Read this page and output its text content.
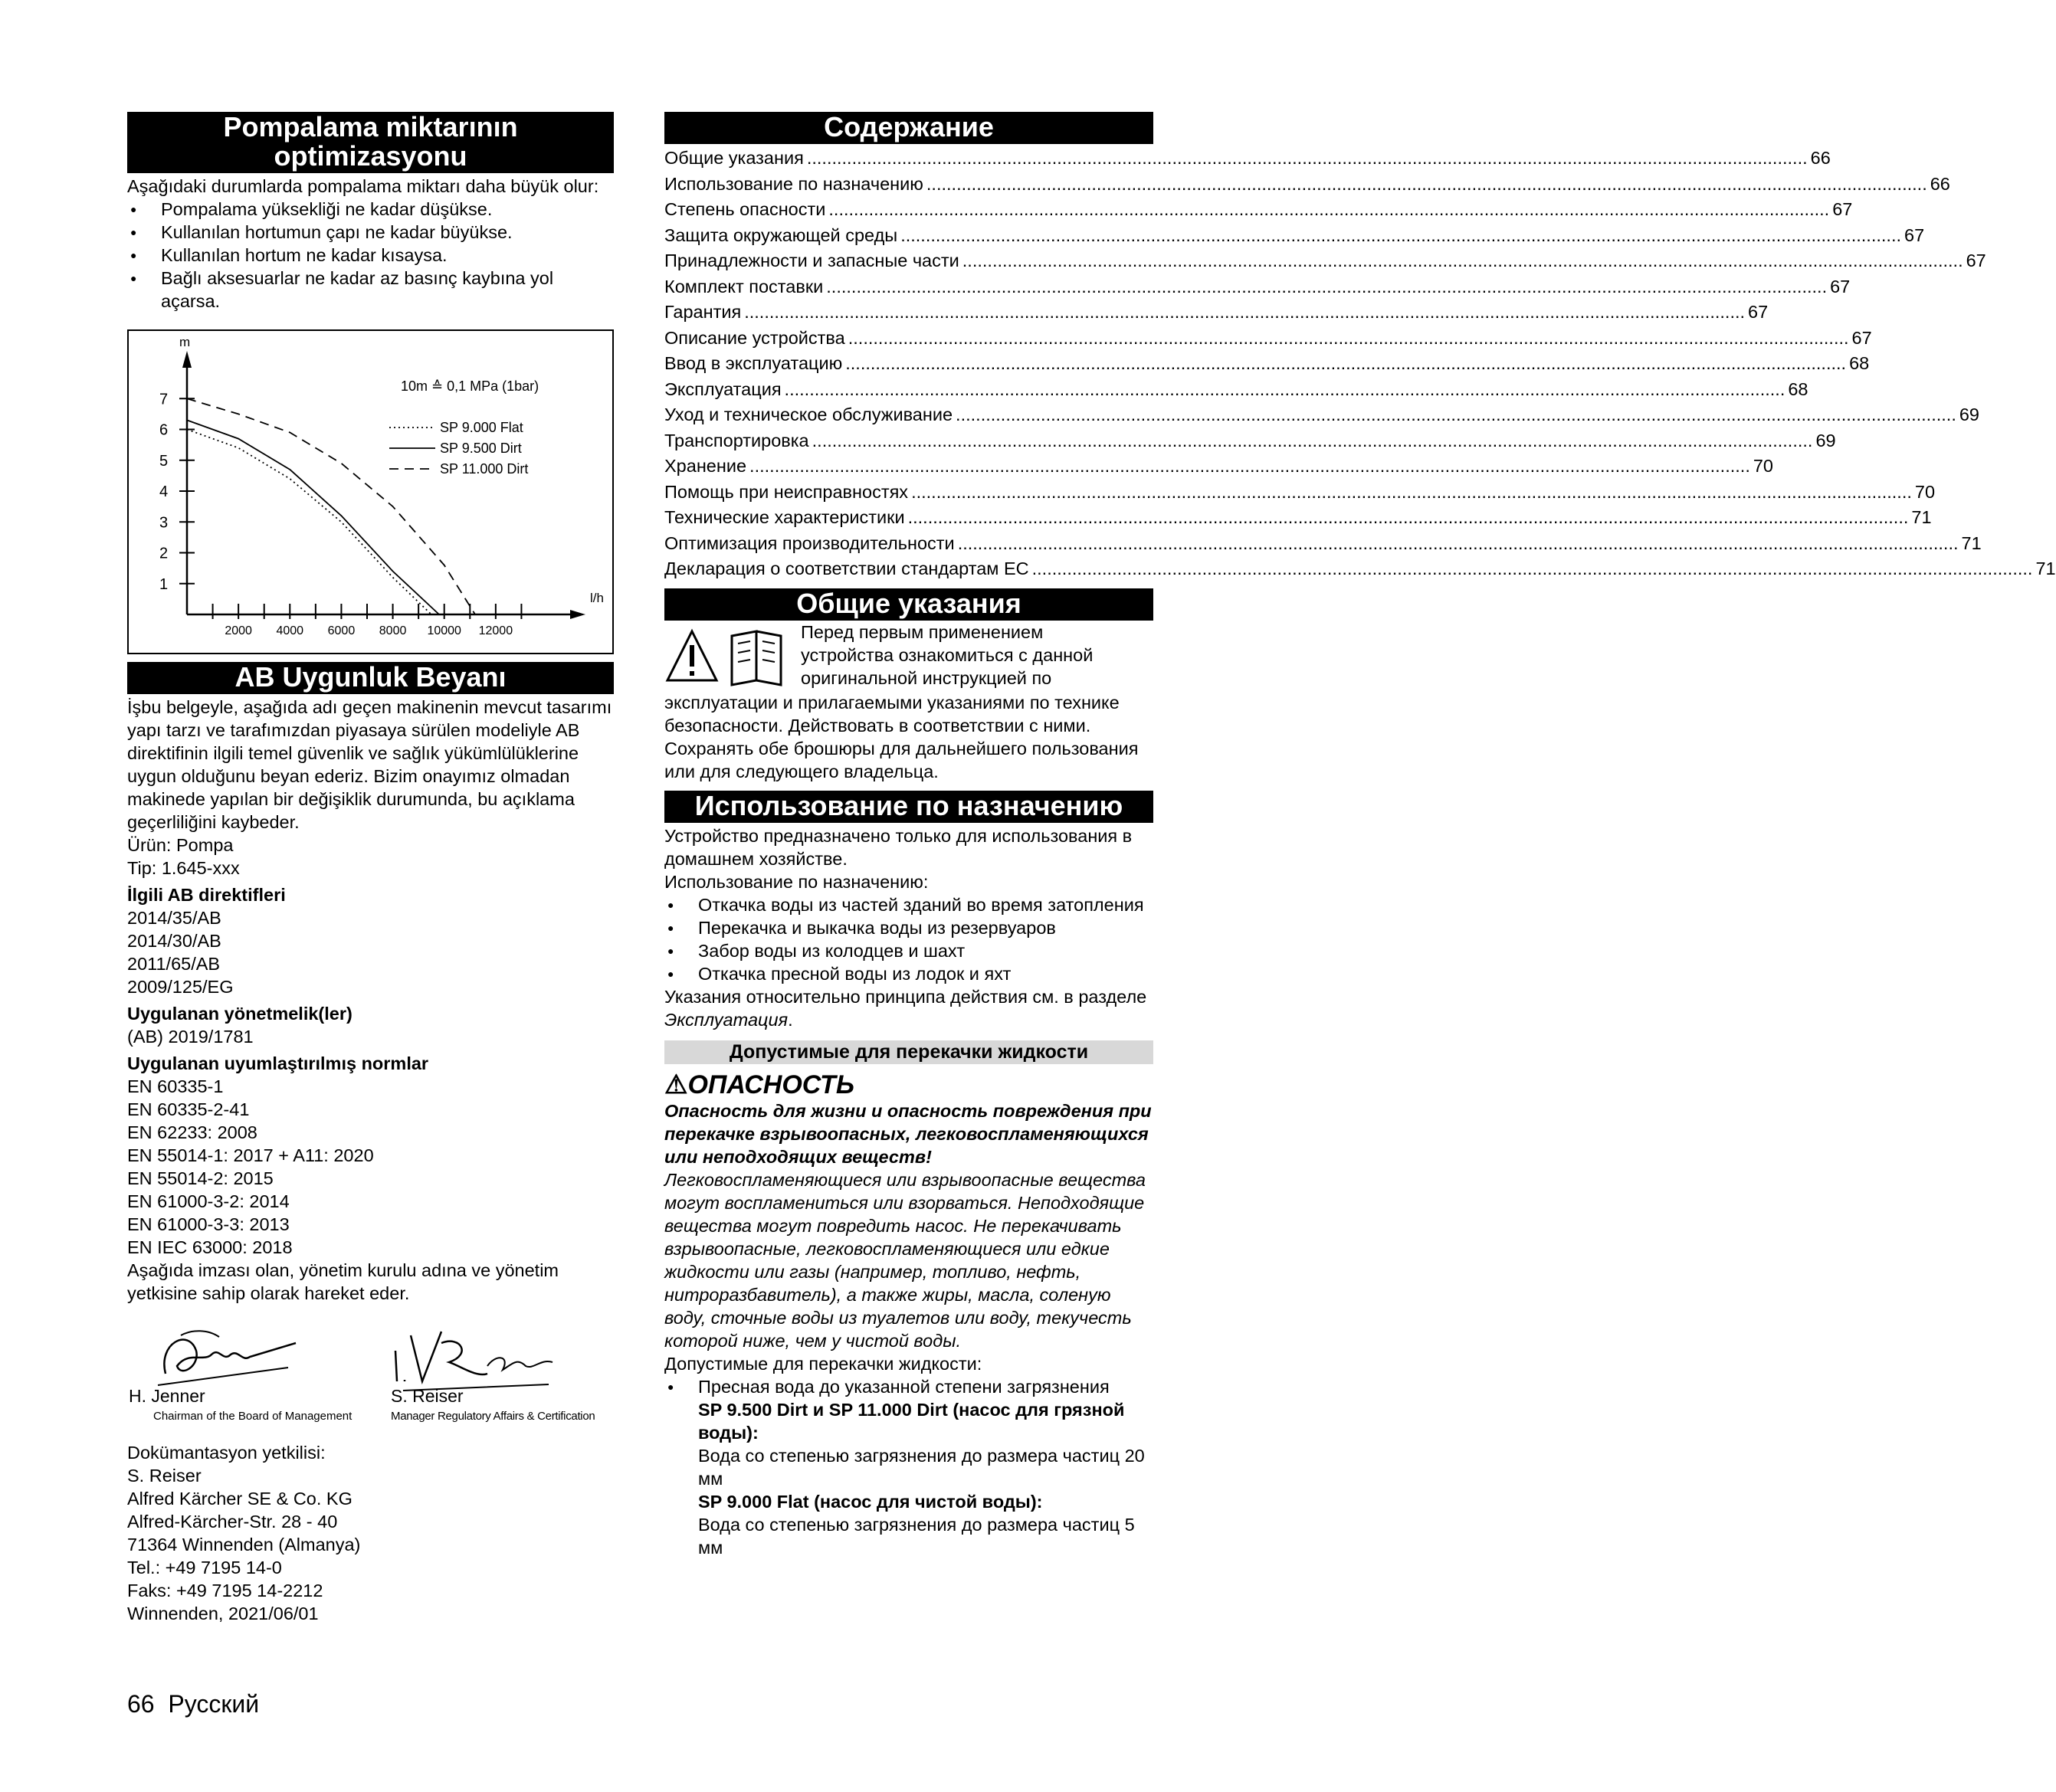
Pompalama miktarının optimizasyonu

Aşağıdaki durumlarda pompalama miktarı daha büyük olur:

● Pompalama yüksekliği ne kadar düşükse.
● Kullanılan hortumun çapı ne kadar büyükse.
● Kullanılan hortum ne kadar kısaysa.
● Bağlı aksesuarlar ne kadar az basınç kaybına yol açarsa.
m
l/h
1
2
3
4
5
6
7
2000 4000 6000 8000 10000 12000
10m ≙ 0,1 MPa (1bar)
SP 9.000 Flat
SP 9.500 Dirt
SP 11.000 Dirt
AB Uygunluk Beyanı

İşbu belgeyle, aşağıda adı geçen makinenin mevcut tasarımı yapı tarzı ve tarafımızdan piyasaya sürülen modeliyle AB direktifinin ilgili temel güvenlik ve sağlık yükümlülüklerine uygun olduğunu beyan ederiz. Bizim onayımız olmadan makinede yapılan bir değişiklik durumunda, bu açıklama geçerliliğini kaybeder.

Ürün: Pompa

Tip: 1.645-xxx

İlgili AB direktifleri

2014/35/AB

2014/30/AB

2011/65/AB

2009/125/EG

Uygulanan yönetmelik(ler)

(AB) 2019/1781

Uygulanan uyumlaştırılmış normlar

EN 60335-1

EN 60335-2-41

EN 62233: 2008

EN 55014-1: 2017 + A11: 2020

EN 55014-2: 2015

EN 61000-3-2: 2014

EN 61000-3-3: 2013

EN IEC 63000: 2018

Aşağıda imzası olan, yönetim kurulu adına ve yönetim yetkisine sahip olarak hareket eder.

H. Jenner
Chairman of the Board of Management
S. Reiser
Manager Regulatory Affairs & Certification

Dokümantasyon yetkilisi:

S. Reiser

Alfred Kärcher SE & Co. KG

Alfred-Kärcher-Str. 28 - 40

71364 Winnenden (Almanya)

Tel.: +49 7195 14-0

Faks: +49 7195 14-2212

Winnenden, 2021/06/01

Содержание
Общие указания ........................................................................................................................................................................................................ 66
Использование по назначению ........................................................................................................................................................................................................ 66
Степень опасности ........................................................................................................................................................................................................ 67
Защита окружающей среды ........................................................................................................................................................................................................ 67
Принадлежности и запасные части ........................................................................................................................................................................................................ 67
Комплект поставки ........................................................................................................................................................................................................ 67
Гарантия ........................................................................................................................................................................................................ 67
Описание устройства ........................................................................................................................................................................................................ 67
Ввод в эксплуатацию ........................................................................................................................................................................................................ 68
Эксплуатация ........................................................................................................................................................................................................ 68
Уход и техническое обслуживание ........................................................................................................................................................................................................ 69
Транспортировка ........................................................................................................................................................................................................ 69
Хранение ........................................................................................................................................................................................................ 70
Помощь при неисправностях ........................................................................................................................................................................................................ 70
Технические характеристики ........................................................................................................................................................................................................ 71
Оптимизация производительности ........................................................................................................................................................................................................ 71
Декларация о соответствии стандартам ЕС ........................................................................................................................................................................................................ 71
Общие указания

Перед первым применением

устройства ознакомиться с данной

оригинальной инструкцией по

эксплуатации и прилагаемыми указаниями по технике безопасности. Действовать в соответствии с ними.

Сохранять обе брошюры для дальнейшего пользования или для следующего владельца.

Использование по назначению

Устройство предназначено только для использования в домашнем хозяйстве.

Использование по назначению:

● Откачка воды из частей зданий во время затопления
● Перекачка и выкачка воды из резервуаров
● Забор воды из колодцев и шахт
● Откачка пресной воды из лодок и яхт

Указания относительно принципа действия см. в разделе Эксплуатация.

Допустимые для перекачки жидкости
⚠ОПАСНОСТЬ

Опасность для жизни и опасность повреждения при перекачке взрывоопасных, легковоспламеняющихся или неподходящих веществ!

Легковоспламеняющиеся или взрывоопасные вещества могут воспламениться или взорваться. Неподходящие вещества могут повредить насос. Не перекачивать взрывоопасные, легковоспламеняющиеся или едкие жидкости или газы (например, топливо, нефть, нитроразбавитель), а также жиры, масла, соленую воду, сточные воды из туалетов или воду, текучесть которой ниже, чем у чистой воды.

Допустимые для перекачки жидкости:

● Пресная вода до указанной степени загрязнения

SP 9.500 Dirt и SP 11.000 Dirt (насос для грязной воды):

Вода со степенью загрязнения до размера частиц 20 мм

SP 9.000 Flat (насос для чистой воды):

Вода со степенью загрязнения до размера частиц 5 мм

66 Русский
